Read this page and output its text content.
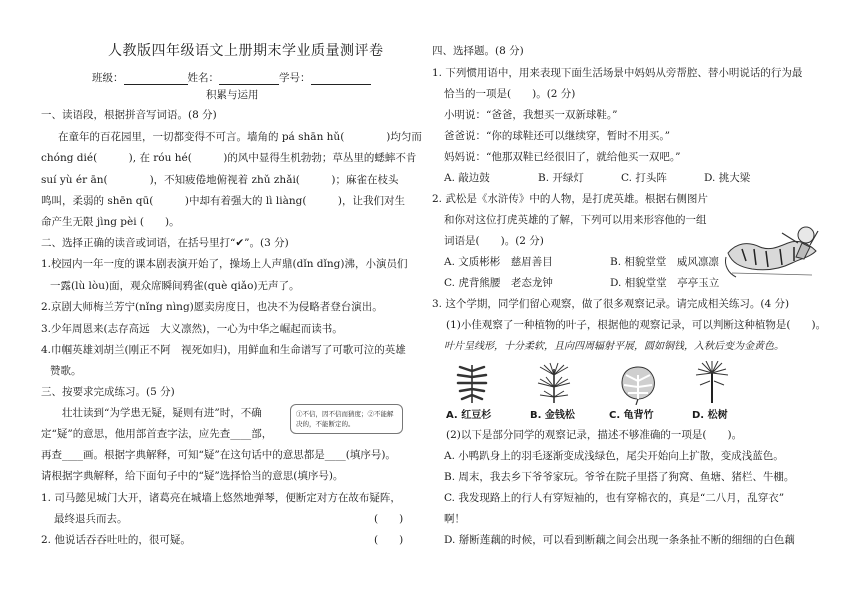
人教版四年级语文上册期末学业质量测评卷
班级：	姓名：	学号：
积累与运用
一、读语段，根据拼音写词语。(8 分)
在童年的百花园里，一切都变得不可言。墙角的 pá shān hǔ(　　　　)均匀而
chóng dié(　　　), 在 róu hé(　　　)的风中显得生机勃勃；草丛里的蟋蟀不肯
suí yù ér ān(　　　　)，不知疲倦地俯视着 zhǔ zhǎi(　　　)；麻雀在枝头
鸣叫，柔弱的 shēn qū(　　　)中却有着强大的 lì liàng(　　　)，让我们对生
命产生无限 jìng pèi (　　)。
二、选择正确的读音或词语，在括号里打“✔”。(3 分)
1.校园内一年一度的课本剧表演开始了，操场上人声鼎(dǐn dǐng)沸，小演员们
一露(lù lòu)面，观众席瞬间鸦雀(què qiǎo)无声了。
2.京剧大师梅兰芳宁(nǐng nìng)愿卖房度日，也决不为侵略者登台演出。
3.少年周恩来(志存高远　大义凛然)，一心为中华之崛起而读书。
4.巾帼英雄刘胡兰(刚正不阿　视死如归)，用鲜血和生命谱写了可歌可泣的英雄
赞歌。
三、按要求完成练习。(5 分)
壮壮读到“为学患无疑，疑则有进”时，不确
定“疑”的意思，他用部首查字法，应先查____部，
再查____画。根据字典解释，可知“疑”在这句话中的意思都是____(填序号)。
请根据字典解释，给下面句子中的“疑”选择恰当的意思(填序号)。
1. 司马懿见城门大开，诸葛亮在城墙上悠然地弹琴，便断定对方在故布疑阵，
最终退兵而去。	(　　)
2. 他说话吞吞吐吐的，很可疑。	(　　)
①不信，因不信而猜度；②不能解
决的，不能断定的。
四、选择题。(8 分)
1. 下列惯用语中，用来表现下面生活场景中妈妈从旁帮腔、替小明说话的行为最
恰当的一项是(　　)。(2 分)
小明说：“爸爸，我想买一双新球鞋。”
爸爸说：“你的球鞋还可以继续穿，暂时不用买。”
妈妈说：“他那双鞋已经很旧了，就给他买一双吧。”
A. 敲边鼓	B. 开绿灯	C. 打头阵	D. 挑大梁
2. 武松是《水浒传》中的人物，是打虎英雄。根据右侧图片
和你对这位打虎英雄的了解，下列可以用来形容他的一组
词语是(　　)。(2 分)
A. 文质彬彬　慈眉善目	B. 相貌堂堂　威风凛凛
C. 虎背熊腰　老态龙钟	D. 相貌堂堂　亭亭玉立
3. 这个学期，同学们留心观察，做了很多观察记录。请完成相关练习。(4 分)
(1)小佳观察了一种植物的叶子，根据他的观察记录，可以判断这种植物是(　　)。
叶片呈线形，十分柔软，且向四周辐射平展，圆如铜钱，入秋后变为金黄色。
A. 红豆杉	B. 金钱松	C. 龟背竹	D. 松树
(2)以下是部分同学的观察记录，描述不够准确的一项是(　　)。
A. 小鸭趴身上的羽毛逐渐变成浅绿色，尾尖开始向上扩散，变成浅蓝色。
B. 周末，我去乡下爷爷家玩。爷爷在院子里搭了狗窝、鱼塘、猪栏、牛棚。
C. 我发现路上的行人有穿短袖的，也有穿棉衣的，真是“二八月，乱穿衣”
啊！
D. 掰断莲藕的时候，可以看到断藕之间会出现一条条扯不断的细细的白色藕
